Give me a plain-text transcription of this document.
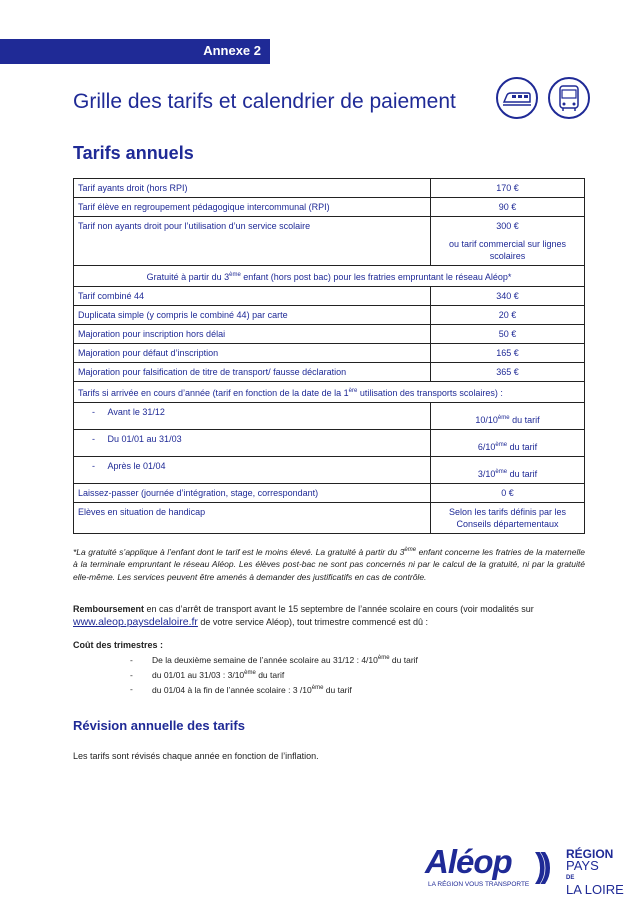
Annexe 2
Grille des tarifs et calendrier de paiement
Tarifs annuels
Tarif ayants droit (hors RPI)	170 €
Tarif élève en regroupement pédagogique intercommunal (RPI)	90 €
Tarif non ayants droit pour l’utilisation d’un service scolaire	300 €
ou tarif commercial sur lignes scolaires

Gratuité à partir du 3ème enfant (hors post bac) pour les fratries empruntant le réseau Aléop*	
Tarif combiné 44	340 €
Duplicata simple (y compris le combiné 44) par carte	20 €
Majoration pour inscription hors délai	50 €
Majoration pour défaut d’inscription	165 €
Majoration pour falsification de titre de transport/ fausse déclaration	365 €
Tarifs si arrivée en cours d’année (tarif en fonction de la date de la 1ère utilisation des transports scolaires) :	
- Avant le 31/12	10/10ème du tarif

- Du 01/01 au 31/03	6/10ème du tarif

- Après le 01/04	3/10ème du tarif

Laissez-passer (journée d’intégration, stage, correspondant)	0 €
Elèves en situation de handicap	Selon les tarifs définis par les Conseils départementaux
*La gratuité s’applique à l’enfant dont le tarif est le moins élevé. La gratuité à partir du 3ème enfant concerne les fratries de la maternelle à la terminale empruntant le réseau Aléop. Les élèves post-bac ne sont pas concernés ni par le calcul de la gratuité, ni par la gratuité elle-même. Les services peuvent être amenés à demander des justificatifs en cas de contrôle.
Remboursement en cas d’arrêt de transport avant le 15 septembre de l’année scolaire en cours (voir modalités sur www.aleop.paysdelaloire.fr de votre service Aléop), tout trimestre commencé est dû :
Coût des trimestres :
- De la deuxième semaine de l’année scolaire au 31/12 : 4/10ème du tarif
- du 01/01 au 31/03 : 3/10ème du tarif
- du 01/04 à la fin de l’année scolaire : 3 /10ème du tarif
Révision annuelle des tarifs
Les tarifs sont révisés chaque année en fonction de l’inflation.
Aléop ))
LA RÉGION VOUS TRANSPORTE
RÉGION
PAYS
DE
LA LOIRE
